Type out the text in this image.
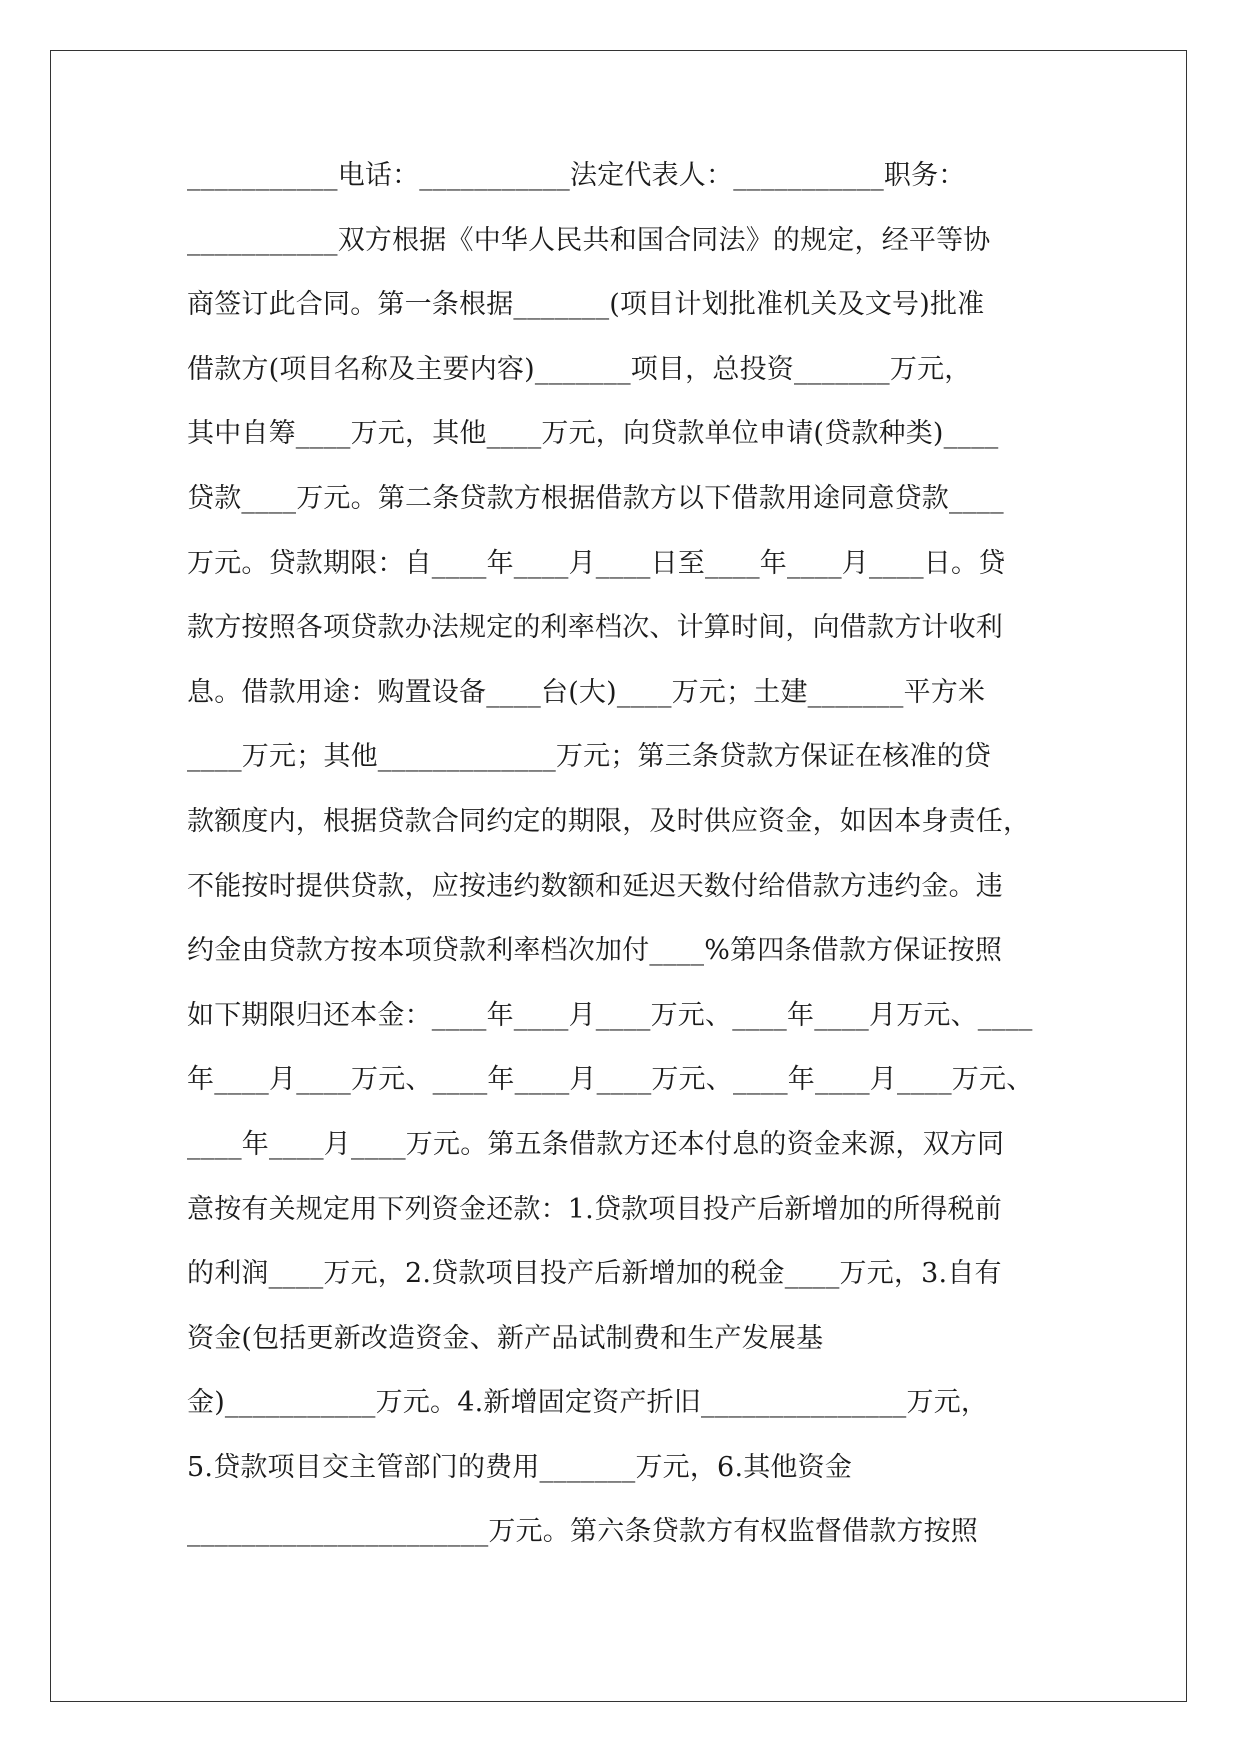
___________电话：___________法定代表人：___________职务：
___________双方根据《中华人民共和国合同法》的规定，经平等协
商签订此合同。第一条根据_______(项目计划批准机关及文号)批准
借款方(项目名称及主要内容)_______项目，总投资_______万元，
其中自筹____万元，其他____万元，向贷款单位申请(贷款种类)____
贷款____万元。第二条贷款方根据借款方以下借款用途同意贷款____
万元。贷款期限：自____年____月____日至____年____月____日。贷
款方按照各项贷款办法规定的利率档次、计算时间，向借款方计收利
息。借款用途：购置设备____台(大)____万元；土建_______平方米
____万元；其他_____________万元；第三条贷款方保证在核准的贷
款额度内，根据贷款合同约定的期限，及时供应资金，如因本身责任，
不能按时提供贷款，应按违约数额和延迟天数付给借款方违约金。违
约金由贷款方按本项贷款利率档次加付____%第四条借款方保证按照
如下期限归还本金：____年____月____万元、____年____月万元、____
年____月____万元、____年____月____万元、____年____月____万元、
____年____月____万元。第五条借款方还本付息的资金来源，双方同
意按有关规定用下列资金还款：1.贷款项目投产后新增加的所得税前
的利润____万元，2.贷款项目投产后新增加的税金____万元，3.自有
资金(包括更新改造资金、新产品试制费和生产发展基
金)___________万元。4.新增固定资产折旧_______________万元，
5.贷款项目交主管部门的费用_______万元，6.其他资金
______________________万元。第六条贷款方有权监督借款方按照
